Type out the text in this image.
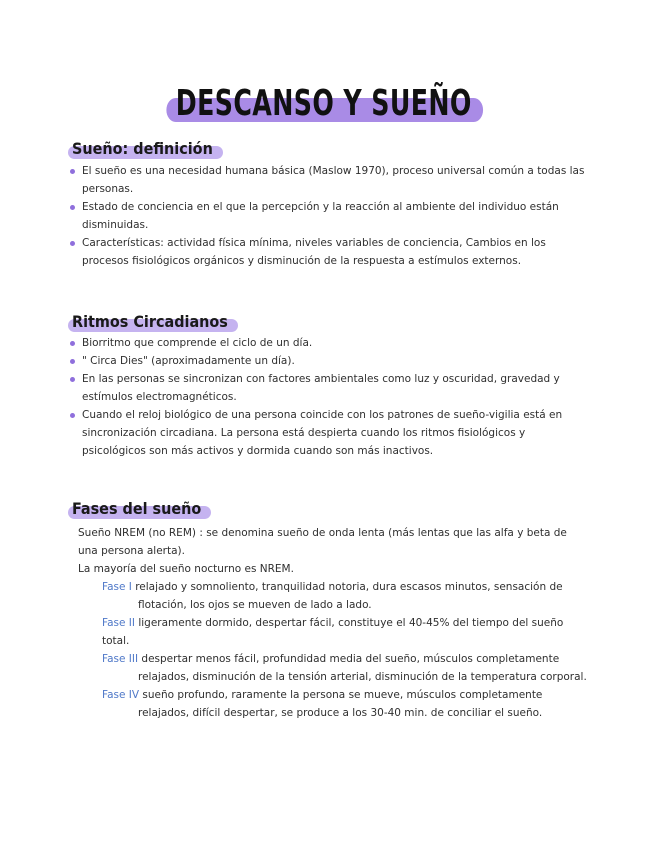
DESCANSO Y SUEÑO
Sueño: definición
El sueño es una necesidad humana básica (Maslow 1970), proceso universal común a todas las personas.
Estado de conciencia en el que la percepción y la reacción al ambiente del individuo están disminuidas.
Características: actividad física mínima, niveles variables de conciencia, Cambios en los procesos fisiológicos orgánicos y disminución de la respuesta a estímulos externos.
Ritmos Circadianos
Biorritmo que comprende el ciclo de un día.
" Circa Dies" (aproximadamente un día).
En las personas se sincronizan con factores ambientales como luz y oscuridad, gravedad y estímulos electromagnéticos.
Cuando el reloj biológico de una persona coincide con los patrones de sueño-vigilia está en sincronización circadiana. La persona está despierta cuando los ritmos fisiológicos y psicológicos son más activos y dormida cuando son más inactivos.
Fases del sueño

Sueño NREM (no REM) : se denomina sueño de onda lenta (más lentas que las alfa y beta de una persona alerta).

La mayoría del sueño nocturno es NREM.

Fase I relajado y somnoliento, tranquilidad notoria, dura escasos minutos, sensación de
flotación, los ojos se mueven de lado a lado.
Fase II ligeramente dormido, despertar fácil, constituye el 40-45% del tiempo del sueño total.
Fase III despertar menos fácil, profundidad media del sueño, músculos completamente
relajados, disminución de la tensión arterial, disminución de la temperatura corporal.
Fase IV sueño profundo, raramente la persona se mueve, músculos completamente
relajados, difícil despertar, se produce a los 30-40 min. de conciliar el sueño.
